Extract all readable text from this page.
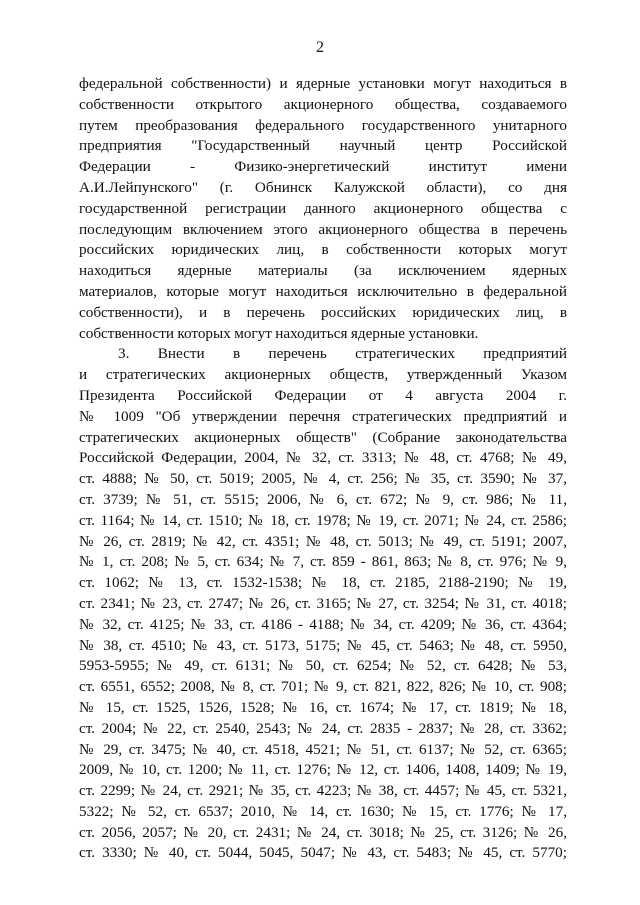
2
федеральной собственности) и ядерные установки могут находиться в
собственности открытого акционерного общества, создаваемого
путем преобразования федерального государственного унитарного
предприятия "Государственный научный центр Российской
Федерации - Физико-энергетический институт имени
А.И.Лейпунского" (г. Обнинск Калужской области), со дня
государственной регистрации данного акционерного общества с
последующим включением этого акционерного общества в перечень
российских юридических лиц, в собственности которых могут
находиться ядерные материалы (за исключением ядерных
материалов, которые могут находиться исключительно в федеральной
собственности), и в перечень российских юридических лиц, в
собственности которых могут находиться ядерные установки.
3. Внести в перечень стратегических предприятий
и стратегических акционерных обществ, утвержденный Указом
Президента Российской Федерации от 4 августа 2004 г.
№ 1009 "Об утверждении перечня стратегических предприятий и
стратегических акционерных обществ" (Собрание законодательства
Российской Федерации, 2004, № 32, ст. 3313; № 48, ст. 4768; № 49,
ст. 4888; № 50, ст. 5019; 2005, № 4, ст. 256; № 35, ст. 3590; № 37,
ст. 3739; № 51, ст. 5515; 2006, № 6, ст. 672; № 9, ст. 986; № 11,
ст. 1164; № 14, ст. 1510; № 18, ст. 1978; № 19, ст. 2071; № 24, ст. 2586;
№ 26, ст. 2819; № 42, ст. 4351; № 48, ст. 5013; № 49, ст. 5191; 2007,
№ 1, ст. 208; № 5, ст. 634; № 7, ст. 859 - 861, 863; № 8, ст. 976; № 9,
ст. 1062; № 13, ст. 1532-1538; № 18, ст. 2185, 2188-2190; № 19,
ст. 2341; № 23, ст. 2747; № 26, ст. 3165; № 27, ст. 3254; № 31, ст. 4018;
№ 32, ст. 4125; № 33, ст. 4186 - 4188; № 34, ст. 4209; № 36, ст. 4364;
№ 38, ст. 4510; № 43, ст. 5173, 5175; № 45, ст. 5463; № 48, ст. 5950,
5953-5955; № 49, ст. 6131; № 50, ст. 6254; № 52, ст. 6428; № 53,
ст. 6551, 6552; 2008, № 8, ст. 701; № 9, ст. 821, 822, 826; № 10, ст. 908;
№ 15, ст. 1525, 1526, 1528; № 16, ст. 1674; № 17, ст. 1819; № 18,
ст. 2004; № 22, ст. 2540, 2543; № 24, ст. 2835 - 2837; № 28, ст. 3362;
№ 29, ст. 3475; № 40, ст. 4518, 4521; № 51, ст. 6137; № 52, ст. 6365;
2009, № 10, ст. 1200; № 11, ст. 1276; № 12, ст. 1406, 1408, 1409; № 19,
ст. 2299; № 24, ст. 2921; № 35, ст. 4223; № 38, ст. 4457; № 45, ст. 5321,
5322; № 52, ст. 6537; 2010, № 14, ст. 1630; № 15, ст. 1776; № 17,
ст. 2056, 2057; № 20, ст. 2431; № 24, ст. 3018; № 25, ст. 3126; № 26,
ст. 3330; № 40, ст. 5044, 5045, 5047; № 43, ст. 5483; № 45, ст. 5770;
